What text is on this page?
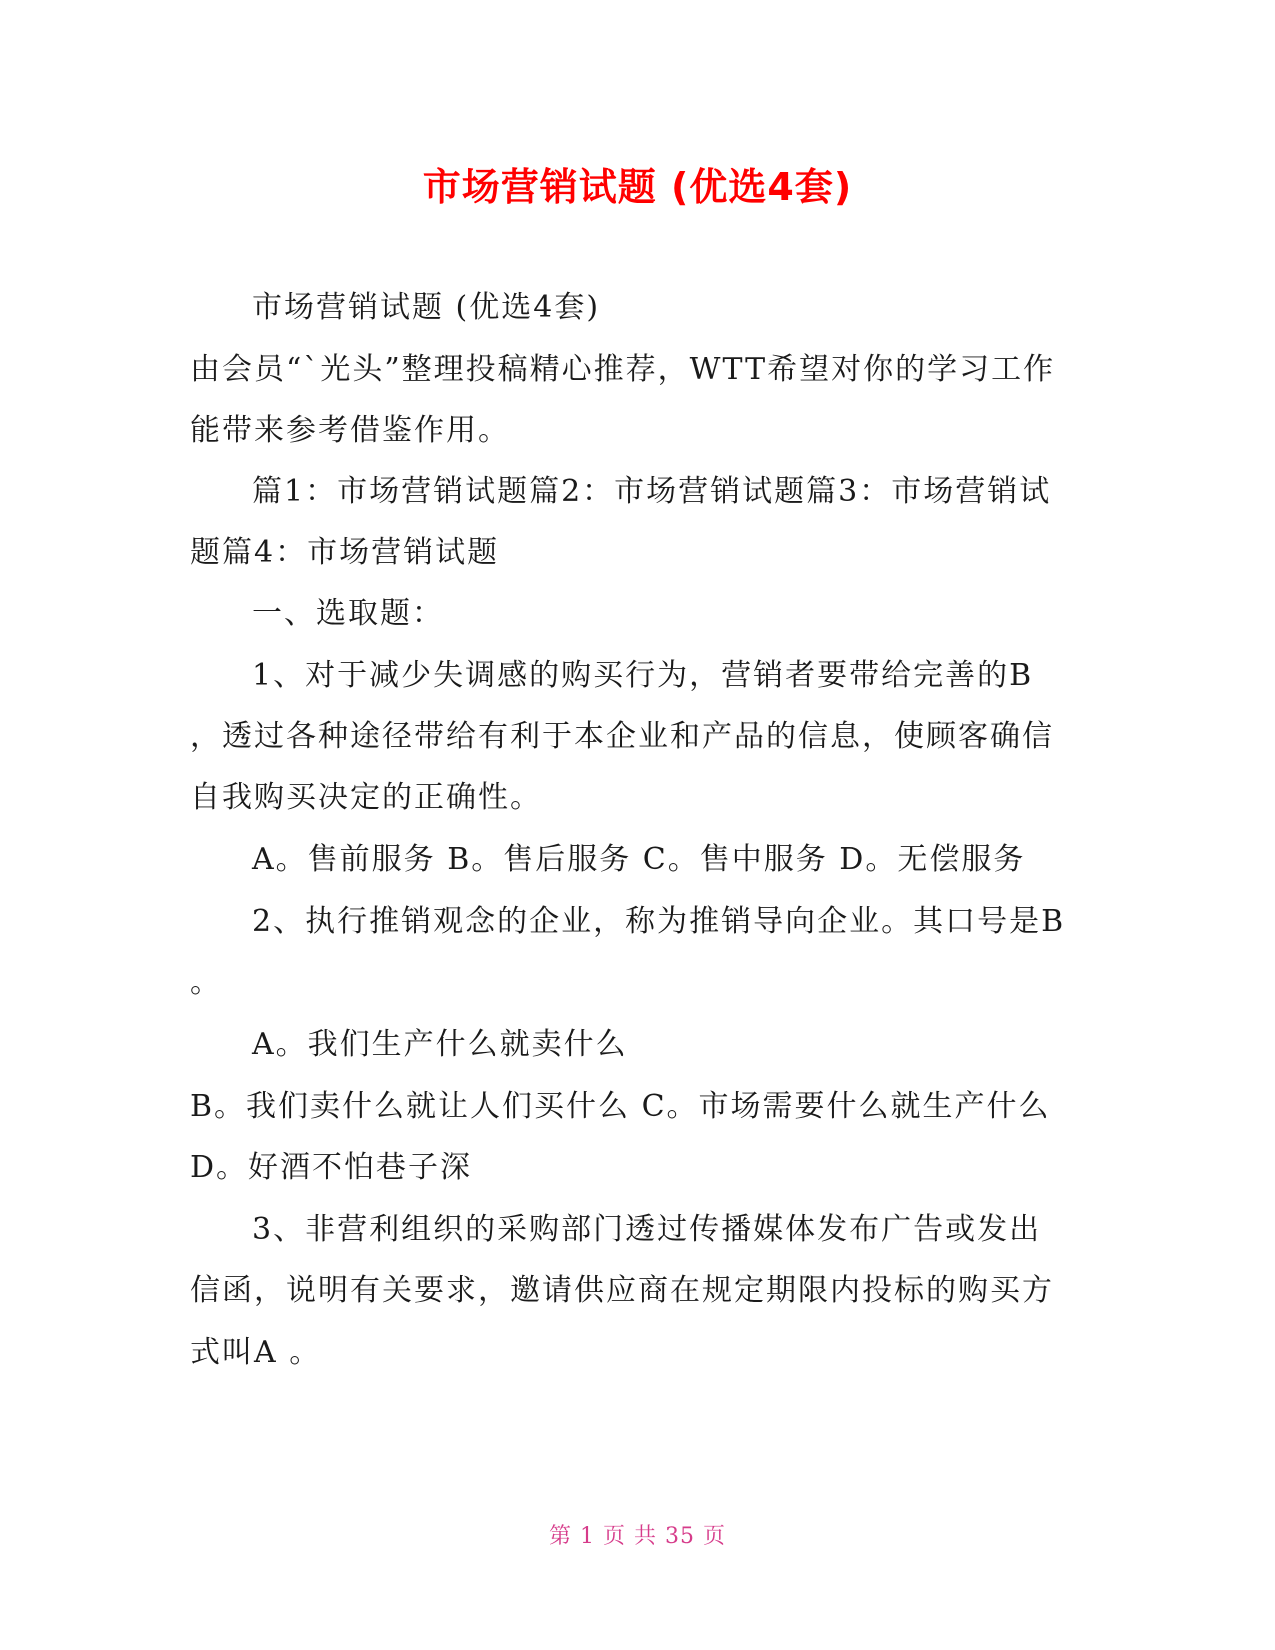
市场营销试题 (优选4套)
市场营销试题 (优选4套)
由会员“`光头”整理投稿精心推荐，WTT希望对你的学习工作
能带来参考借鉴作用。
篇1：市场营销试题篇2：市场营销试题篇3：市场营销试
题篇4：市场营销试题
一、选取题：
1、对于减少失调感的购买行为，营销者要带给完善的B
，透过各种途径带给有利于本企业和产品的信息，使顾客确信
自我购买决定的正确性。
A。售前服务 B。售后服务 C。售中服务 D。无偿服务
2、执行推销观念的企业，称为推销导向企业。其口号是B
。
A。我们生产什么就卖什么
B。我们卖什么就让人们买什么 C。市场需要什么就生产什么
D。好酒不怕巷子深
3、非营利组织的采购部门透过传播媒体发布广告或发出
信函，说明有关要求，邀请供应商在规定期限内投标的购买方
式叫A 。
第 1 页 共 35 页
